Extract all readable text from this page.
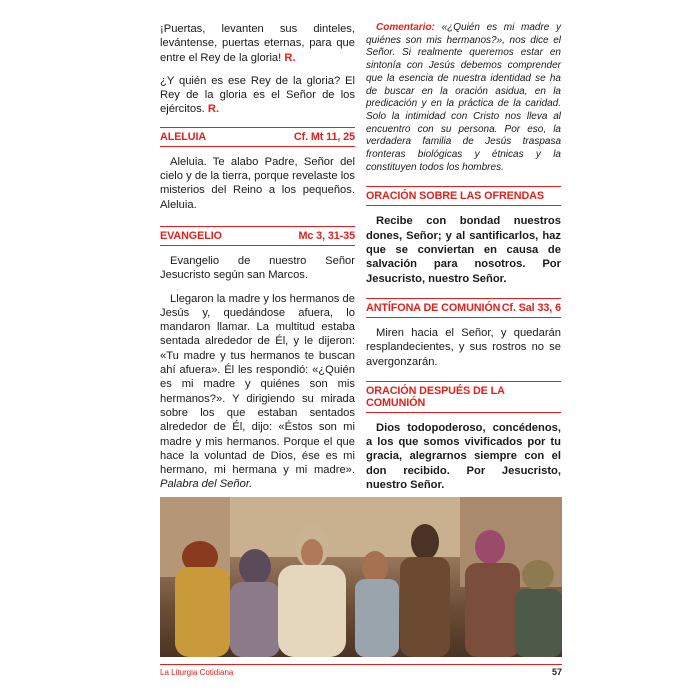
¡Puertas, levanten sus dinteles, levántense, puertas eternas, para que entre el Rey de la gloria! R.

¿Y quién es ese Rey de la gloria? El Rey de la gloria es el Señor de los ejércitos. R.

ALELUIA	Cf. Mt 11, 25

Aleluia. Te alabo Padre, Señor del cielo y de la tierra, porque revelaste los misterios del Reino a los pequeños. Aleluia.

EVANGELIO	Mc 3, 31-35

Evangelio de nuestro Señor Jesucristo según san Marcos.

Llegaron la madre y los hermanos de Jesús y, quedándose afuera, lo mandaron llamar. La multitud estaba sentada alrededor de Él, y le dijeron: «Tu madre y tus hermanos te buscan ahí afuera». Él les respondió: «¿Quién es mi madre y quiénes son mis hermanos?». Y dirigiendo su mirada sobre los que estaban sentados alrededor de Él, dijo: «Éstos son mi madre y mis hermanos. Porque el que hace la voluntad de Dios, ése es mi hermano, mi hermana y mi madre». Palabra del Señor.

Comentario: «¿Quién es mi madre y quiénes son mis hermanos?», nos dice el Señor. Si realmente queremos estar en sintonía con Jesús debemos comprender que la esencia de nuestra identidad se ha de buscar en la oración asidua, en la predicación y en la práctica de la caridad. Solo la intimidad con Cristo nos lleva al encuentro con su persona. Por eso, la verdadera familia de Jesús traspasa fronteras biológicas y étnicas y la constituyen todos los hombres.

ORACIÓN SOBRE LAS OFRENDAS

Recibe con bondad nuestros dones, Señor; y al santificarlos, haz que se conviertan en causa de salvación para nosotros. Por Jesucristo, nuestro Señor.

ANTÍFONA DE COMUNIÓN Cf. Sal 33, 6

Miren hacia el Señor, y quedarán resplandecientes, y sus rostros no se avergonzarán.

ORACIÓN DESPUÉS DE LA COMUNIÓN

Dios todopoderoso, concédenos, a los que somos vivificados por tu gracia, alegrarnos siempre con el don recibido. Por Jesucristo, nuestro Señor.

La Liturgia Cotidiana	57
